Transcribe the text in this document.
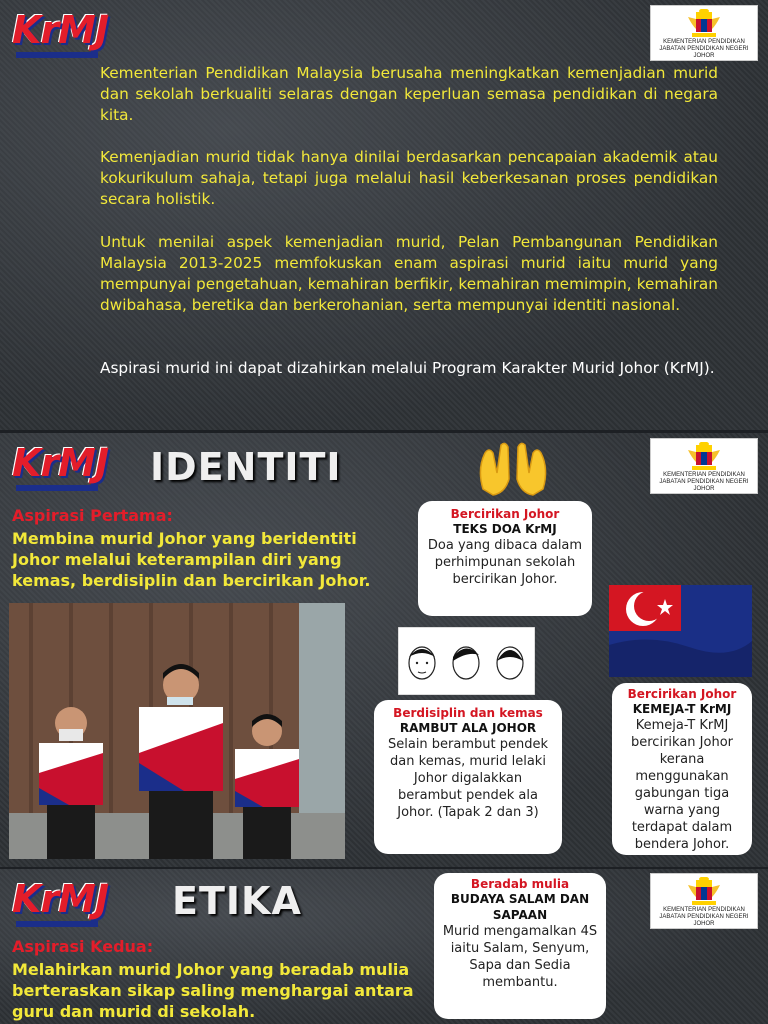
KrMJ	KEMENTERIAN PENDIDIKAN
JABATAN PENDIDIKAN NEGERI JOHOR

Kementerian Pendidikan Malaysia berusaha meningkatkan kemenjadian murid dan sekolah berkualiti selaras dengan keperluan semasa pendidikan di negara kita.

Kemenjadian murid tidak hanya dinilai berdasarkan pencapaian akademik atau kokurikulum sahaja, tetapi juga melalui hasil keberkesanan proses pendidikan secara holistik.

Untuk menilai aspek kemenjadian murid, Pelan Pembangunan Pendidikan Malaysia 2013-2025 memfokuskan enam aspirasi murid iaitu murid yang mempunyai pengetahuan, kemahiran berfikir, kemahiran memimpin, kemahiran dwibahasa, beretika dan berkerohanian, serta mempunyai identiti nasional.

Aspirasi murid ini dapat dizahirkan melalui Program Karakter Murid Johor (KrMJ).

KrMJ IDENTITI	KEMENTERIAN PENDIDIKAN
JABATAN PENDIDIKAN NEGERI JOHOR
Aspirasi Pertama:
Membina murid Johor yang beridentiti Johor melalui keterampilan diri yang kemas, berdisiplin dan bercirikan Johor.
Bercirikan Johor
TEKS DOA KrMJ
Doa yang dibaca dalam perhimpunan sekolah bercirikan Johor.
Berdisiplin dan kemas
RAMBUT ALA JOHOR
Selain berambut pendek dan kemas, murid lelaki Johor digalakkan berambut pendek ala Johor. (Tapak 2 dan 3)
Bercirikan Johor
KEMEJA-T KrMJ
Kemeja-T KrMJ bercirikan Johor kerana menggunakan gabungan tiga warna yang terdapat dalam bendera Johor.
KrMJ ETIKA	KEMENTERIAN PENDIDIKAN
JABATAN PENDIDIKAN NEGERI JOHOR
Aspirasi Kedua:
Melahirkan murid Johor yang beradab mulia berteraskan sikap saling menghargai antara guru dan murid di sekolah.
Beradab mulia
BUDAYA SALAM DAN SAPAAN
Murid mengamalkan 4S iaitu Salam, Senyum, Sapa dan Sedia membantu.
